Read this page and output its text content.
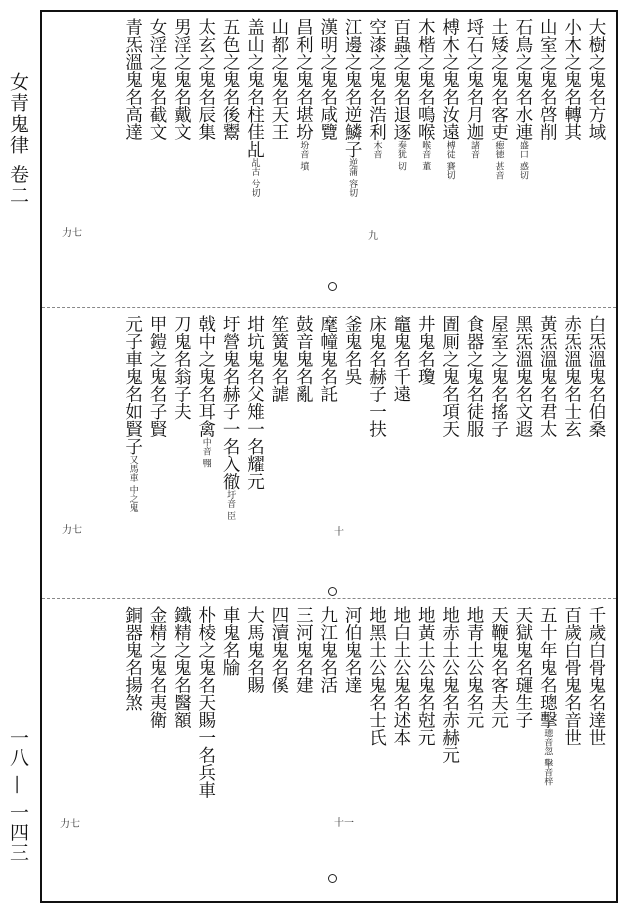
女青鬼律 卷二
一八 — 一四三
大樹之鬼名方域
小木之鬼名轉其
山室之鬼名啓削
石鳥之鬼名水連盛口 惑切
土矮之鬼名客吏瘛徳 甚音
埒石之鬼名月迦諸音
榑木之鬼名汝遠榑徒 賽切
木楷之鬼名鳴喉喉音 董
百蟲之鬼名退逐奏犹 切
空漆之鬼名浩利木音
江邊之鬼名逆鱗子逆蒲 容切
漢明之鬼名咸覽
昌利之鬼名堪坋坋音 墳
山都之鬼名天王
盖山之鬼名柱佳乩乩古 兮切
五色之鬼名後鬻
太玄之鬼名辰集
男淫之鬼名戴文
女淫之鬼名截文
青炁溫鬼名高達
九
力七
白炁溫鬼名伯桑
赤炁溫鬼名士玄
黃炁溫鬼名君太
黑炁溫鬼名文遐
屋室之鬼名搖子
食器之鬼名徒服
圊厠之鬼名項天
井鬼名瓊
竈鬼名千遠
床鬼名赫子一扶
釜鬼名吳
麾幢鬼名託
鼓音鬼名亂
笙簧鬼名謔
坩坑鬼名父雉一名耀元
圩營鬼名赫子一名入徹圩音 臣
戟中之鬼名耳禽中音 翈
刀鬼名翁子夫
甲鎧之鬼名子賢
元子車鬼名如賢子又馬車 中之鬼
力七	十
千歲白骨鬼名達世
百歲白骨鬼名音世
五十年鬼名璁擊璁音忽 擊音梓
天獄鬼名璭生子
天鞭鬼名客夫元
地青土公鬼名元
地赤土公鬼名赤赫元
地黃土公鬼名尅元
地白土公鬼名述本
地黑土公鬼名士氏
河伯鬼名達
九江鬼名活
三河鬼名建
四瀆鬼名傒
大馬鬼名賜
車鬼名牏
朴棱之鬼名天賜一名兵車
鐵精之鬼名醫額
金精之鬼名夷衛
銅器鬼名揚煞
力七	十一
